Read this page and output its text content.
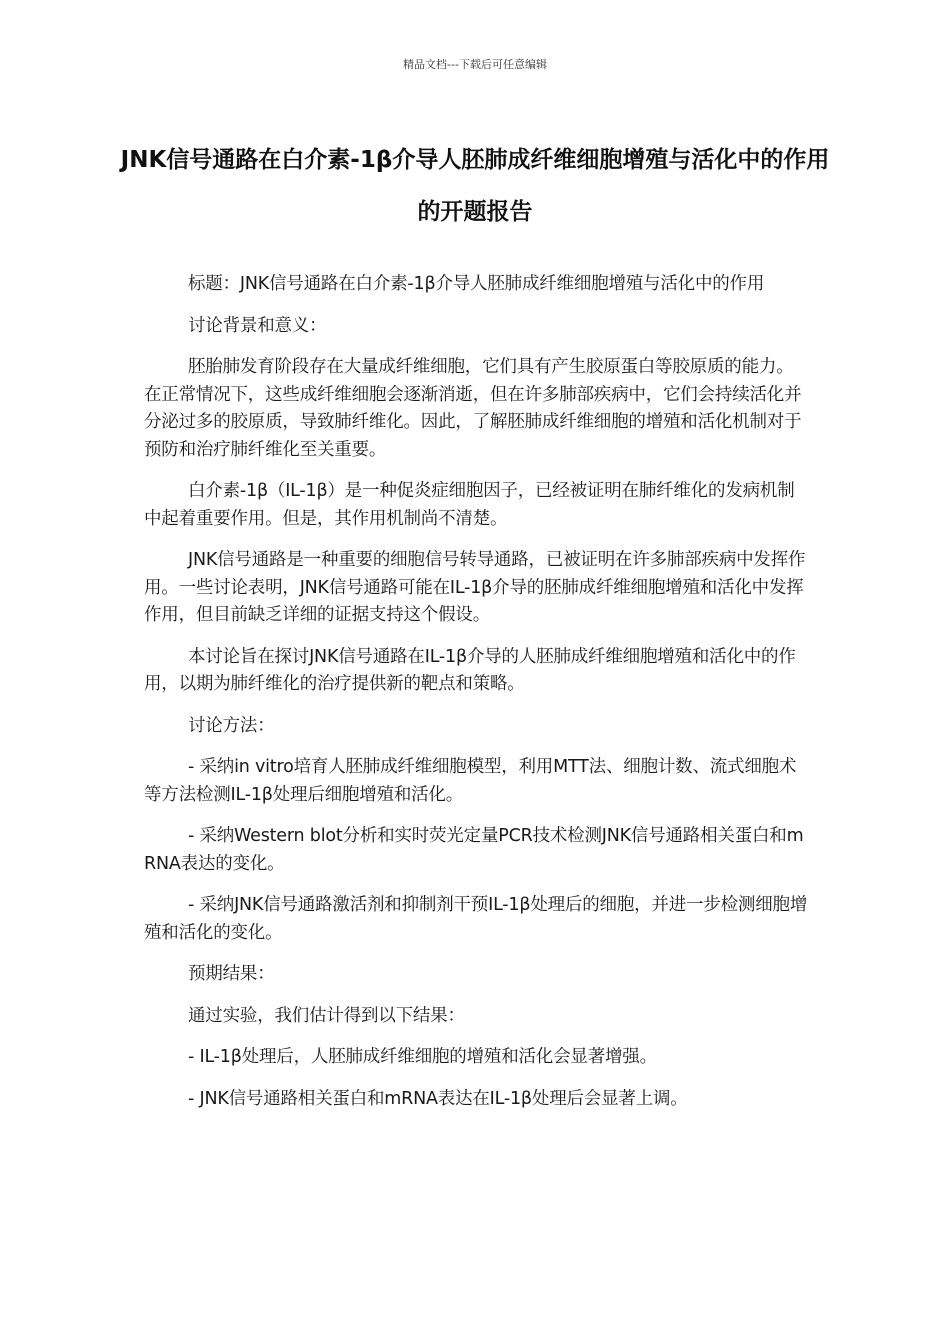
精品文档---下载后可任意编辑
JNK信号通路在白介素-1β介导人胚肺成纤维细胞增殖与活化中的作用的开题报告

标题：JNK信号通路在白介素-1β介导人胚肺成纤维细胞增殖与活化中的作用

讨论背景和意义：

胚胎肺发育阶段存在大量成纤维细胞，它们具有产生胶原蛋白等胶原质的能力。在正常情况下，这些成纤维细胞会逐渐消逝，但在许多肺部疾病中，它们会持续活化并分泌过多的胶原质，导致肺纤维化。因此，了解胚肺成纤维细胞的增殖和活化机制对于预防和治疗肺纤维化至关重要。

白介素-1β（IL-1β）是一种促炎症细胞因子，已经被证明在肺纤维化的发病机制中起着重要作用。但是，其作用机制尚不清楚。

JNK信号通路是一种重要的细胞信号转导通路，已被证明在许多肺部疾病中发挥作用。一些讨论表明，JNK信号通路可能在IL-1β介导的胚肺成纤维细胞增殖和活化中发挥作用，但目前缺乏详细的证据支持这个假设。

本讨论旨在探讨JNK信号通路在IL-1β介导的人胚肺成纤维细胞增殖和活化中的作用，以期为肺纤维化的治疗提供新的靶点和策略。

讨论方法：

- 采纳in vitro培育人胚肺成纤维细胞模型，利用MTT法、细胞计数、流式细胞术等方法检测IL-1β处理后细胞增殖和活化。

- 采纳Western blot分析和实时荧光定量PCR技术检测JNK信号通路相关蛋白和mRNA表达的变化。

- 采纳JNK信号通路激活剂和抑制剂干预IL-1β处理后的细胞，并进一步检测细胞增殖和活化的变化。

预期结果：

通过实验，我们估计得到以下结果：

- IL-1β处理后，人胚肺成纤维细胞的增殖和活化会显著增强。

- JNK信号通路相关蛋白和mRNA表达在IL-1β处理后会显著上调。
